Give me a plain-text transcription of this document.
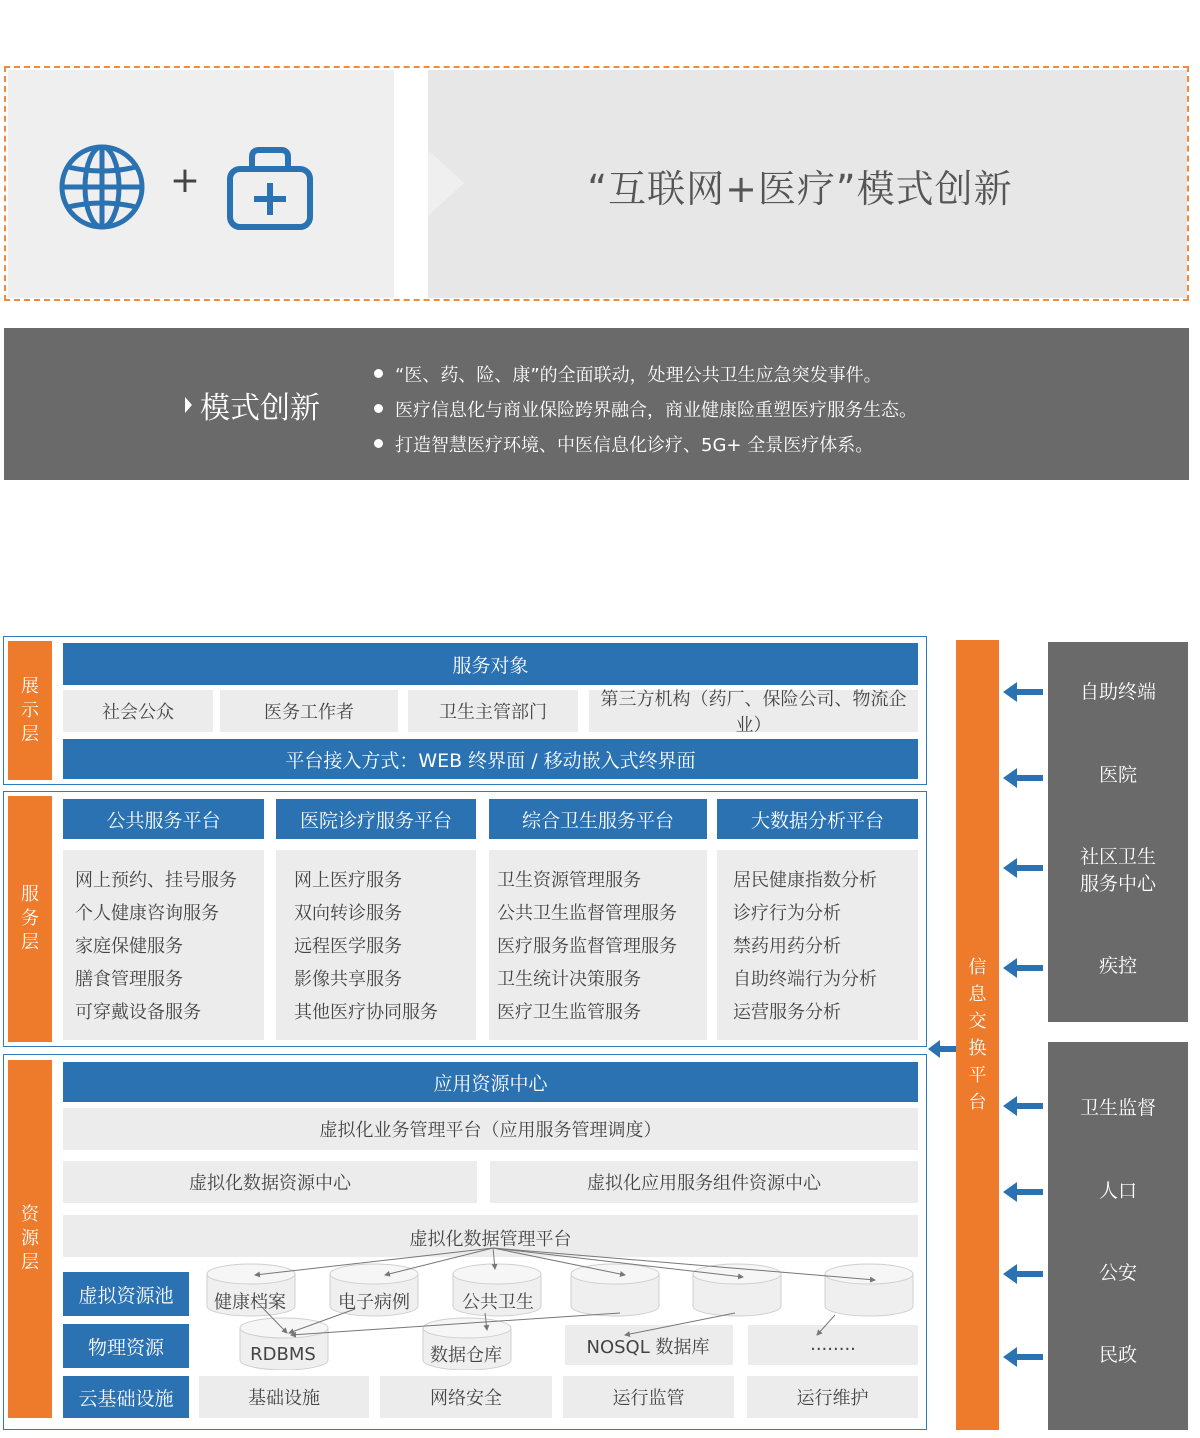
+	“互联网+医疗”模式创新
模式创新
“医、药、险、康”的全面联动，处理公共卫生应急突发事件。
医疗信息化与商业保险跨界融合，商业健康险重塑医疗服务生态。
打造智慧医疗环境、中医信息化诊疗、5G+ 全景医疗体系。
展
示
层
服务对象
社会公众	医务工作者	卫生主管部门
第三方机构（药厂、保险公司、物流企业）
平台接入方式：WEB 终界面 / 移动嵌入式终界面
服
务
层
公共服务平台	医院诊疗服务平台	综合卫生服务平台	大数据分析平台
网上预约、挂号服务
个人健康咨询服务
家庭保健服务
膳食管理服务
可穿戴设备服务
网上医疗服务
双向转诊服务
远程医学服务
影像共享服务
其他医疗协同服务
卫生资源管理服务
公共卫生监督管理服务
医疗服务监督管理服务
卫生统计决策服务
医疗卫生监管服务
居民健康指数分析
诊疗行为分析
禁药用药分析
自助终端行为分析
运营服务分析
资
源
层
应用资源中心
虚拟化业务管理平台（应用服务管理调度）
虚拟化数据资源中心	虚拟化应用服务组件资源中心
虚拟化数据管理平台
健康档案	电子病例	公共卫生
RDBMS	数据仓库	NOSQL 数据库	........
虚拟资源池
物理资源
云基础设施	基础设施	网络安全	运行监管	运行维护
信
息
交
换
平
台
自助终端
医院
社区卫生
服务中心
疾控
卫生监督
人口
公安
民政
